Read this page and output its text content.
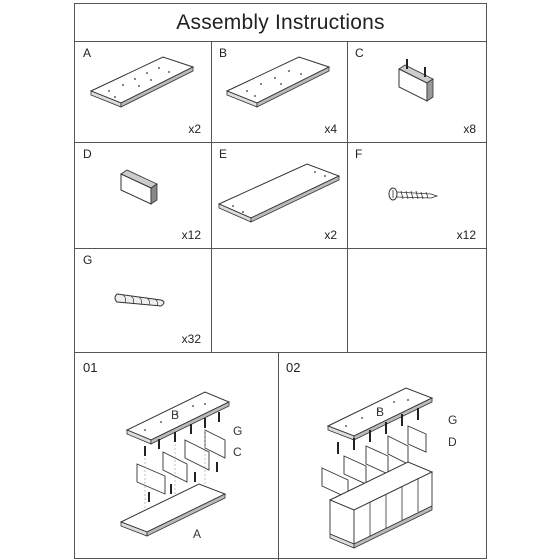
Assembly Instructions
A
x2
B
x4
C
x8
D
x12
E
x2
F
x12
G
x32
01
B
G
C
A
02
B
G
D
